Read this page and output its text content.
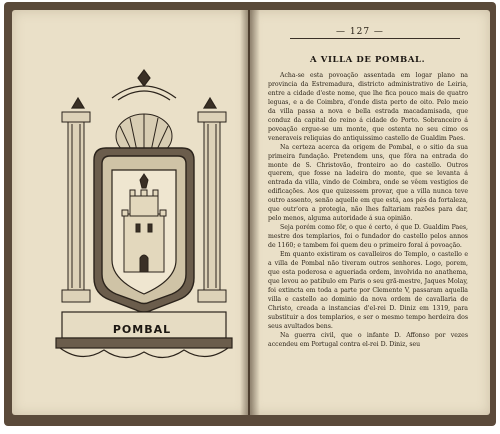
POMBAL
— 127 —
A VILLA DE POMBAL.

Acha-se esta povoação assentada em logar plano na provincia da Estremadura, districto administrativo de Leiria, entre a cidade d'este nome, que lhe fica pouco mais de quatro leguas, e a de Coimbra, d'onde dista perto de oito. Pelo meio da villa passa a nova e bella estrada macadamisada, que conduz da capital do reino á cidade do Porto. Sobranceiro á povoação ergue-se um monte, que ostenta no seu cimo os veneraveis reliquias do antiquissimo castello de Gualdim Paes.

Na certeza acerca da origem de Pombal, e o sitio da sua primeira fundação. Pretendem uns, que fôra na entrada do monte de S. Christovão, fronteiro ao do castello. Outros querem, que fosse na ladeira do monte, que se levanta á entrada da villa, vindo de Coimbra, onde se vêem vestigios de edificações. Aos que quizessem provar, que a villa nunca teve outro assento, senão aquelle em que está, aos pés da fortaleza, que outr'ora a protegia, não lhes faltariam razões para dar, pelo menos, alguma autoridade á sua opinião.

Seja porém como fôr, o que é certo, é que D. Gualdim Paes, mestre dos templarios, foi o fundador do castello pelos annos de 1160; e tambem foi quem deu o primeiro foral á povoação.

Em quanto existiram os cavalleiros do Templo, o castello e a villa de Pombal não tiveram outros senhores. Logo, porem, que esta poderosa e agueriada ordem, involvida no anathema, que levou ao patibulo em Paris o seu grã-mestre, Jaques Molay, foi extincta em toda a parte por Clemente V, passaram aquella villa e castello ao dominio da nova ordem de cavallaria de Christo, creada a instancias d'el-rei D. Diniz em 1319, para substituir a dos templarios, e ser o mesmo tempo herdeira dos seus avultados bens.

Na guerra civil, que o infante D. Affonso por vezes accendeu em Portugal contra el-rei D. Diniz, seu
